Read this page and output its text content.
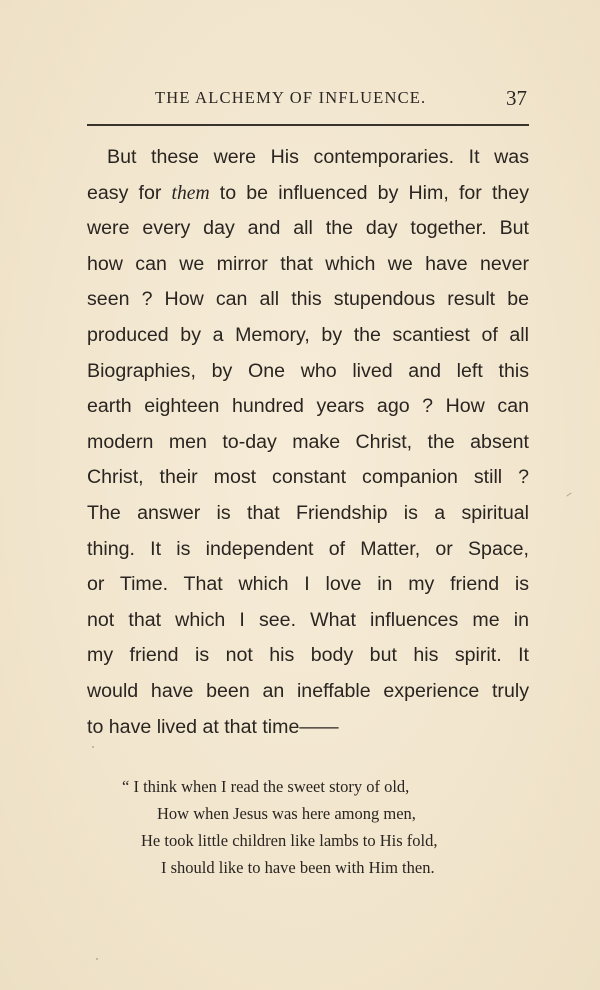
THE ALCHEMY OF INFLUENCE.	37
But these were His contemporaries. It was
easy for them to be influenced by Him, for they
were every day and all the day together. But
how can we mirror that which we have never
seen ? How can all this stupendous result be
produced by a Memory, by the scantiest of all
Biographies, by One who lived and left this
earth eighteen hundred years ago ? How can
modern men to-day make Christ, the absent
Christ, their most constant companion still ?
The answer is that Friendship is a spiritual
thing. It is independent of Matter, or Space,
or Time. That which I love in my friend is
not that which I see. What influences me in
my friend is not his body but his spirit. It
would have been an ineffable experience truly
to have lived at that time——
“ I think when I read the sweet story of old,
How when Jesus was here among men,
He took little children like lambs to His fold,
I should like to have been with Him then.
